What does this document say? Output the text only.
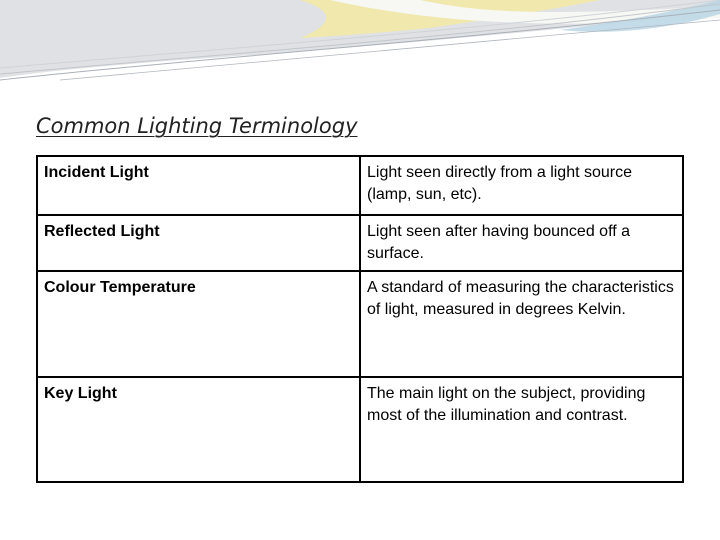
Common Lighting Terminology
Incident Light	Light seen directly from a light source (lamp, sun, etc).
Reflected Light	Light seen after having bounced off a surface.
Colour Temperature	A standard of measuring the characteristics of light, measured in degrees Kelvin.
Key Light	The main light on the subject, providing most of the illumination and contrast.
